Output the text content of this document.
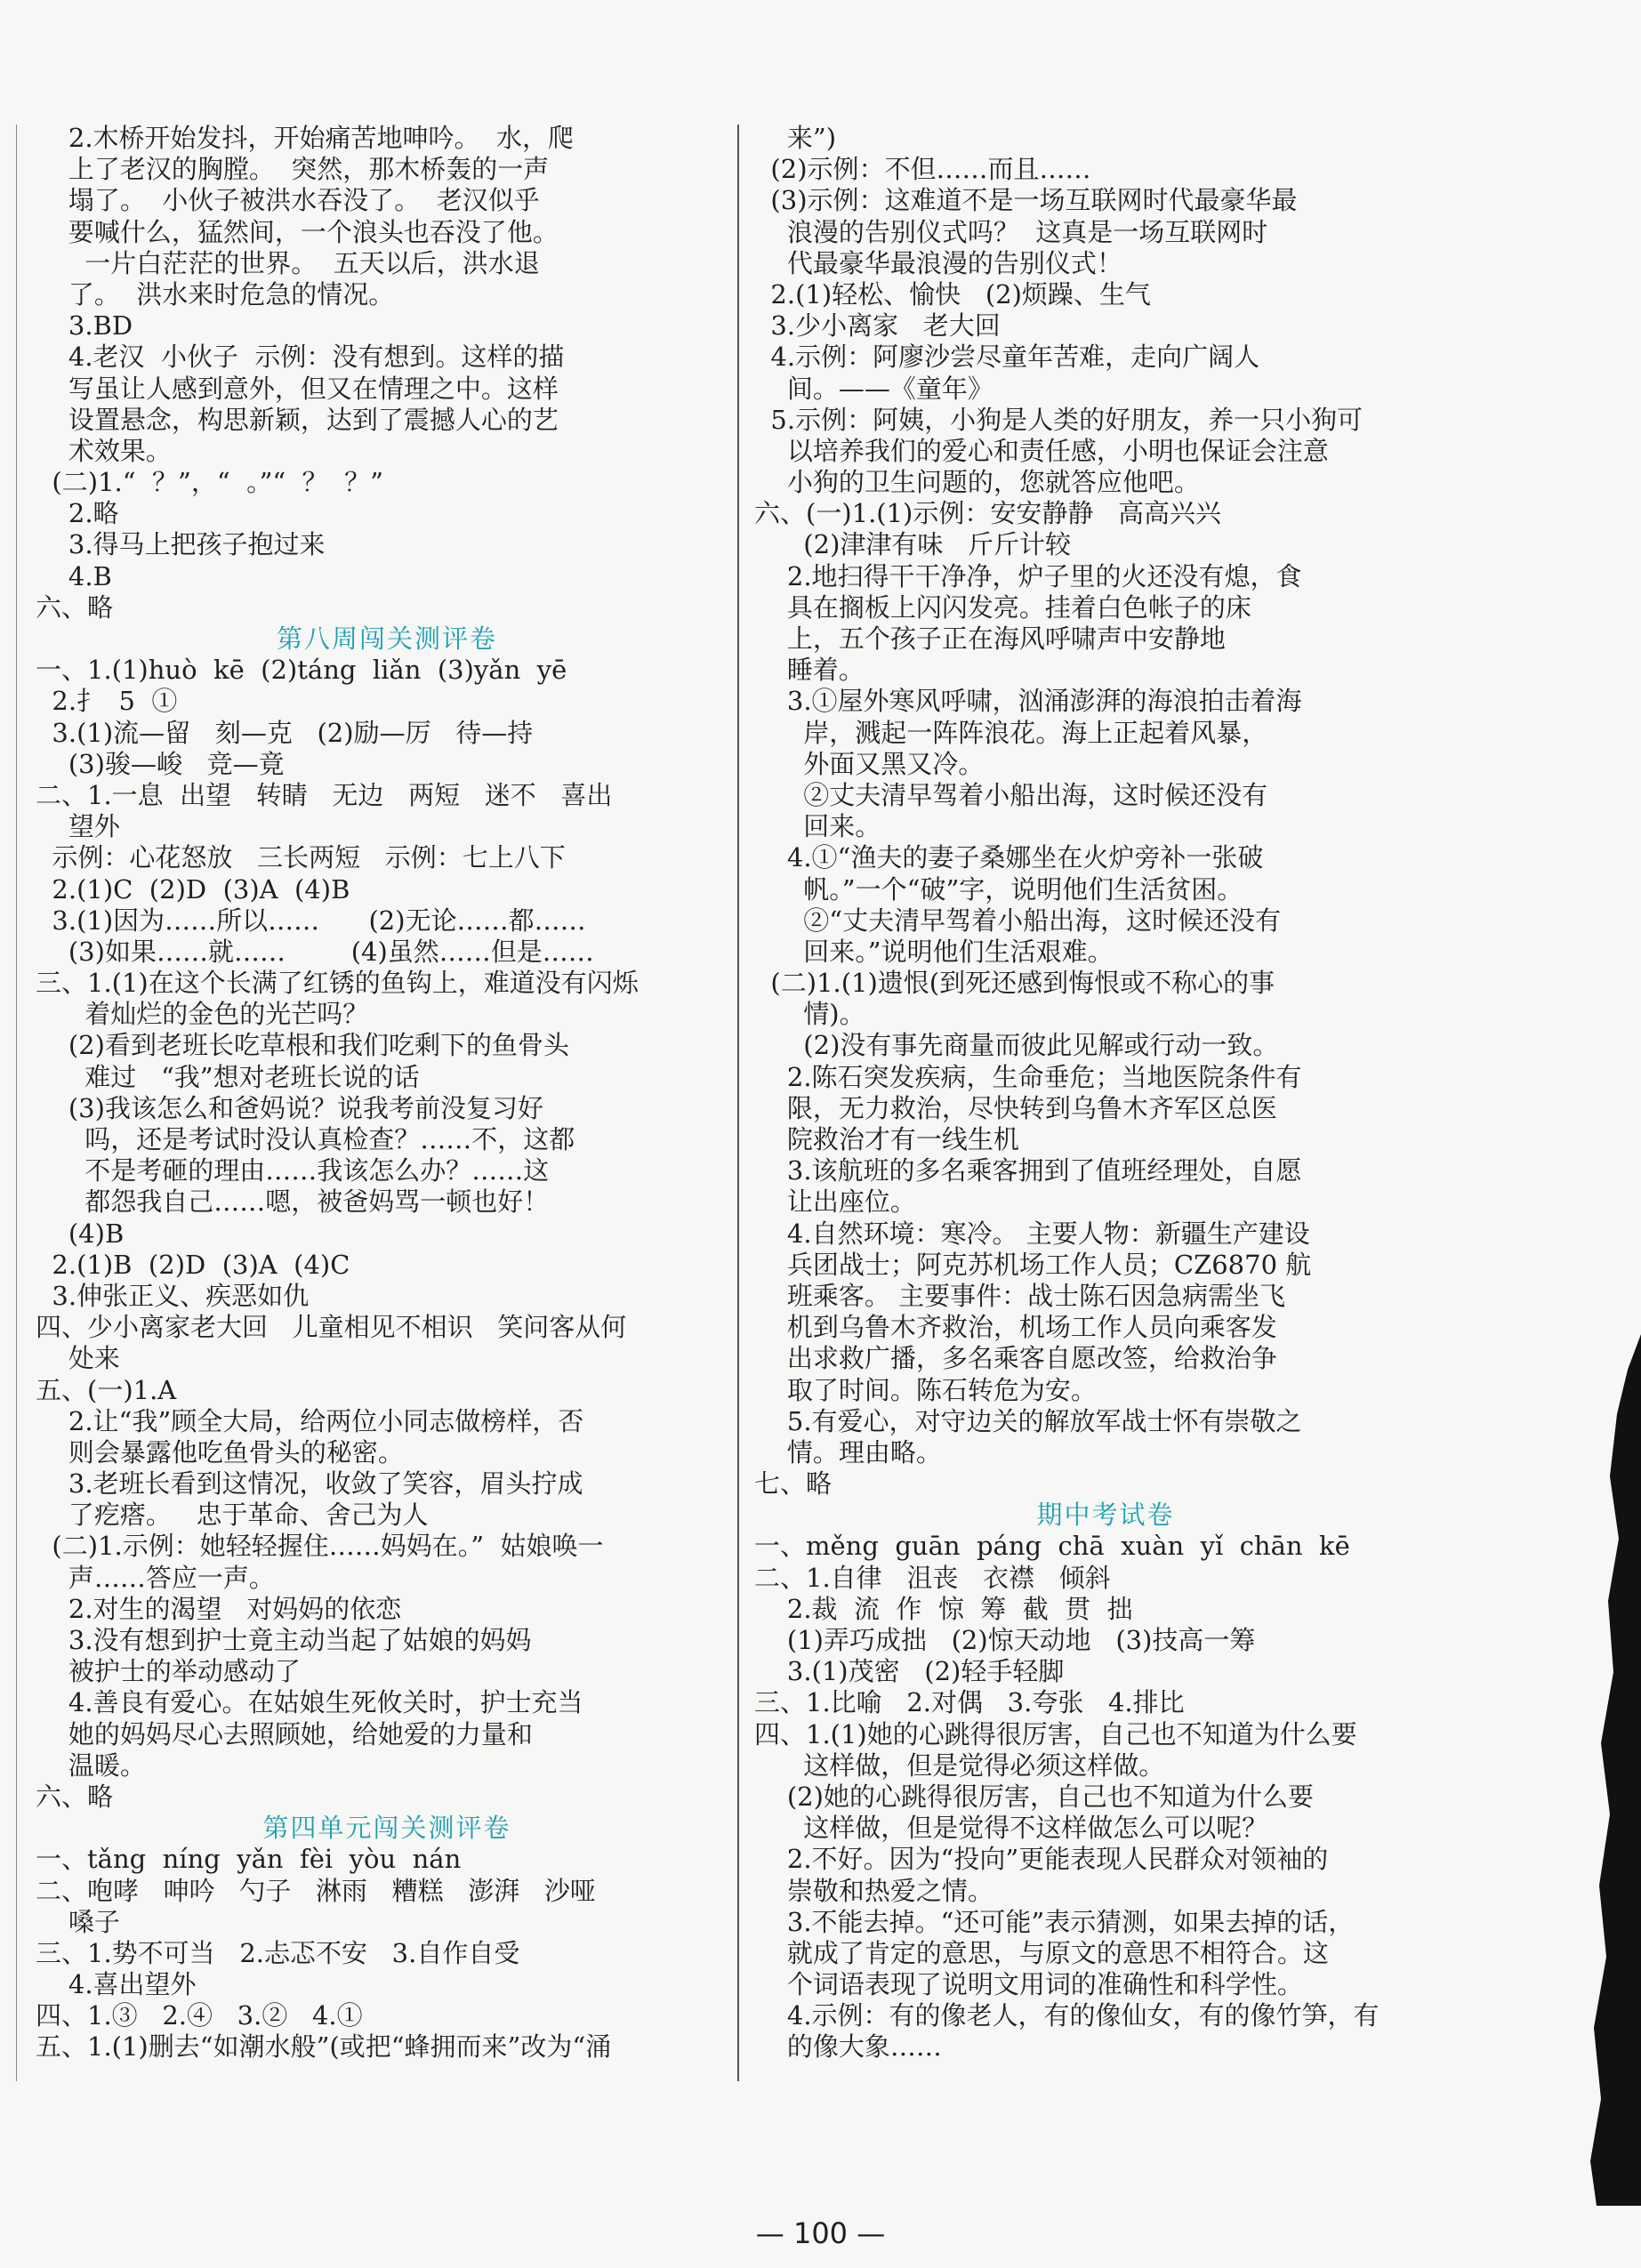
2.木桥开始发抖，开始痛苦地呻吟。  水，爬
上了老汉的胸膛。  突然，那木桥轰的一声
塌了。  小伙子被洪水吞没了。  老汉似乎
要喊什么，猛然间，一个浪头也吞没了他。
一片白茫茫的世界。  五天以后，洪水退
了。  洪水来时危急的情况。
3.BD
4.老汉  小伙子  示例：没有想到。这样的描
写虽让人感到意外，但又在情理之中。这样
设置悬念，构思新颖，达到了震撼人心的艺
术效果。
(二)1.“  ？”，“  。”“  ？  ？”
2.略
3.得马上把孩子抱过来
4.B
六、略
第八周闯关测评卷
一、1.(1)huò  kē  (2)táng  liǎn  (3)yǎn  yē
2.扌  5  ①
3.(1)流—留   刻—克   (2)励—厉   待—持
(3)骏—峻   竞—竟
二、1.一息  出望   转睛   无边   两短   迷不   喜出
望外
示例：心花怒放   三长两短   示例：七上八下
2.(1)C  (2)D  (3)A  (4)B
3.(1)因为……所以……      (2)无论……都……
(3)如果……就……        (4)虽然……但是……
三、1.(1)在这个长满了红锈的鱼钩上，难道没有闪烁
着灿烂的金色的光芒吗？
(2)看到老班长吃草根和我们吃剩下的鱼骨头
难过   “我”想对老班长说的话
(3)我该怎么和爸妈说？说我考前没复习好
吗，还是考试时没认真检查？……不，这都
不是考砸的理由……我该怎么办？……这
都怨我自己……嗯，被爸妈骂一顿也好！
(4)B
2.(1)B  (2)D  (3)A  (4)C
3.伸张正义、疾恶如仇
四、少小离家老大回   儿童相见不相识   笑问客从何
处来
五、(一)1.A
2.让“我”顾全大局，给两位小同志做榜样，否
则会暴露他吃鱼骨头的秘密。
3.老班长看到这情况，收敛了笑容，眉头拧成
了疙瘩。   忠于革命、舍己为人
(二)1.示例：她轻轻握住……妈妈在。”  姑娘唤一
声……答应一声。
2.对生的渴望   对妈妈的依恋
3.没有想到护士竟主动当起了姑娘的妈妈
被护士的举动感动了
4.善良有爱心。在姑娘生死攸关时，护士充当
她的妈妈尽心去照顾她，给她爱的力量和
温暖。
六、略
第四单元闯关测评卷
一、tǎng  níng  yǎn  fèi  yòu  nán
二、咆哮   呻吟   勺子   淋雨   糟糕   澎湃   沙哑
嗓子
三、1.势不可当   2.忐忑不安   3.自作自受
4.喜出望外
四、1.③   2.④   3.②   4.①
五、1.(1)删去“如潮水般”(或把“蜂拥而来”改为“涌
来”)
(2)示例：不但……而且……
(3)示例：这难道不是一场互联网时代最豪华最
浪漫的告别仪式吗？  这真是一场互联网时
代最豪华最浪漫的告别仪式！
2.(1)轻松、愉快   (2)烦躁、生气
3.少小离家   老大回
4.示例：阿廖沙尝尽童年苦难，走向广阔人
间。——《童年》
5.示例：阿姨，小狗是人类的好朋友，养一只小狗可
以培养我们的爱心和责任感，小明也保证会注意
小狗的卫生问题的，您就答应他吧。
六、(一)1.(1)示例：安安静静   高高兴兴
(2)津津有味   斤斤计较
2.地扫得干干净净，炉子里的火还没有熄，食
具在搁板上闪闪发亮。挂着白色帐子的床
上，五个孩子正在海风呼啸声中安静地
睡着。
3.①屋外寒风呼啸，汹涌澎湃的海浪拍击着海
岸，溅起一阵阵浪花。海上正起着风暴，
外面又黑又冷。
②丈夫清早驾着小船出海，这时候还没有
回来。
4.①“渔夫的妻子桑娜坐在火炉旁补一张破
帆。”一个“破”字，说明他们生活贫困。
②“丈夫清早驾着小船出海，这时候还没有
回来。”说明他们生活艰难。
(二)1.(1)遗恨(到死还感到悔恨或不称心的事
情)。
(2)没有事先商量而彼此见解或行动一致。
2.陈石突发疾病，生命垂危；当地医院条件有
限，无力救治，尽快转到乌鲁木齐军区总医
院救治才有一线生机
3.该航班的多名乘客拥到了值班经理处，自愿
让出座位。
4.自然环境：寒冷。 主要人物：新疆生产建设
兵团战士；阿克苏机场工作人员；CZ6870 航
班乘客。 主要事件：战士陈石因急病需坐飞
机到乌鲁木齐救治，机场工作人员向乘客发
出求救广播，多名乘客自愿改签，给救治争
取了时间。陈石转危为安。
5.有爱心，对守边关的解放军战士怀有崇敬之
情。理由略。
七、略
期中考试卷
一、měng  guān  páng  chā  xuàn  yǐ  chān  kē
二、1.自律   沮丧   衣襟   倾斜
2.裁  流  作  惊  筹  截  贯  拙
(1)弄巧成拙   (2)惊天动地   (3)技高一筹
3.(1)茂密   (2)轻手轻脚
三、1.比喻   2.对偶   3.夸张   4.排比
四、1.(1)她的心跳得很厉害，自己也不知道为什么要
这样做，但是觉得必须这样做。
(2)她的心跳得很厉害，自己也不知道为什么要
这样做，但是觉得不这样做怎么可以呢？
2.不好。因为“投向”更能表现人民群众对领袖的
崇敬和热爱之情。
3.不能去掉。“还可能”表示猜测，如果去掉的话，
就成了肯定的意思，与原文的意思不相符合。这
个词语表现了说明文用词的准确性和科学性。
4.示例：有的像老人，有的像仙女，有的像竹笋，有
的像大象……
— 100 —
